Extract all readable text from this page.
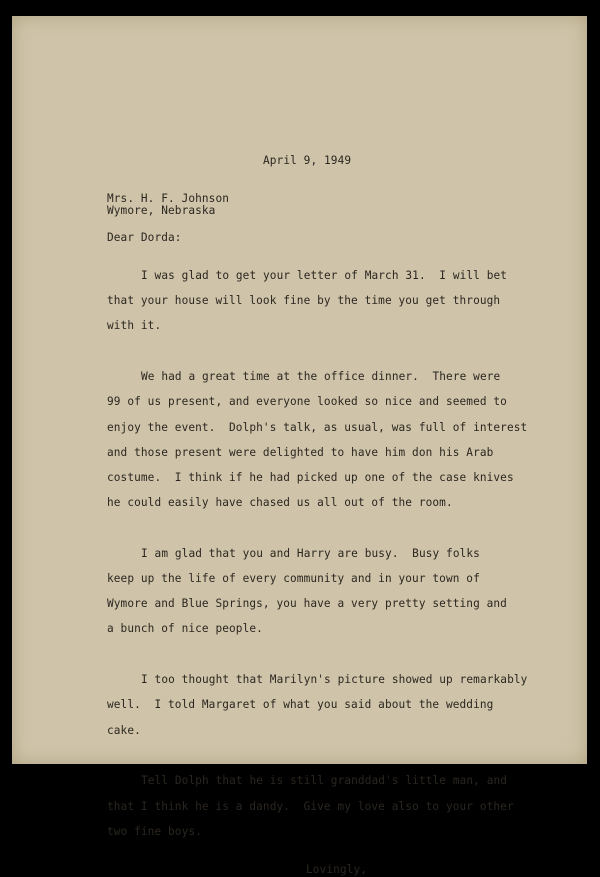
April 9, 1949
Mrs. H. F. Johnson
Wymore, Nebraska
Dear Dorda:

I was glad to get your letter of March 31.  I will bet

that your house will look fine by the time you get through

with it.

We had a great time at the office dinner.  There were

99 of us present, and everyone looked so nice and seemed to

enjoy the event.  Dolph's talk, as usual, was full of interest

and those present were delighted to have him don his Arab

costume.  I think if he had picked up one of the case knives

he could easily have chased us all out of the room.

I am glad that you and Harry are busy.  Busy folks

keep up the life of every community and in your town of

Wymore and Blue Springs, you have a very pretty setting and

a bunch of nice people.

I too thought that Marilyn's picture showed up remarkably

well.  I told Margaret of what you said about the wedding

cake.

Tell Dolph that he is still granddad's little man, and

that I think he is a dandy.  Give my love also to your other

two fine boys.

Lovingly,
